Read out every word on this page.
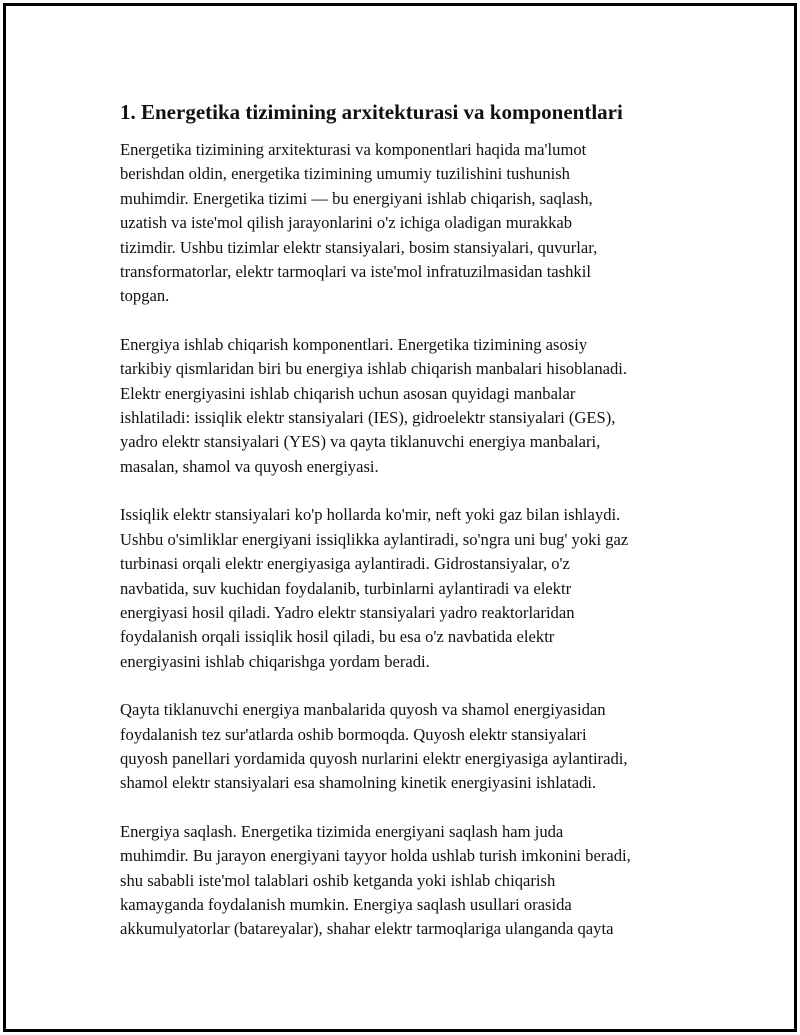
1. Energetika tizimining arxitekturasi va komponentlari

Energetika tizimining arxitekturasi va komponentlari haqida ma'lumot
berishdan oldin, energetika tizimining umumiy tuzilishini tushunish
muhimdir. Energetika tizimi — bu energiyani ishlab chiqarish, saqlash,
uzatish va iste'mol qilish jarayonlarini o'z ichiga oladigan murakkab
tizimdir. Ushbu tizimlar elektr stansiyalari, bosim stansiyalari, quvurlar,
transformatorlar, elektr tarmoqlari va iste'mol infratuzilmasidan tashkil
topgan.

Energiya ishlab chiqarish komponentlari. Energetika tizimining asosiy
tarkibiy qismlaridan biri bu energiya ishlab chiqarish manbalari hisoblanadi.
Elektr energiyasini ishlab chiqarish uchun asosan quyidagi manbalar
ishlatiladi: issiqlik elektr stansiyalari (IES), gidroelektr stansiyalari (GES),
yadro elektr stansiyalari (YES) va qayta tiklanuvchi energiya manbalari,
masalan, shamol va quyosh energiyasi.

Issiqlik elektr stansiyalari ko'p hollarda ko'mir, neft yoki gaz bilan ishlaydi.
Ushbu o'simliklar energiyani issiqlikka aylantiradi, so'ngra uni bug' yoki gaz
turbinasi orqali elektr energiyasiga aylantiradi. Gidrostansiyalar, o'z
navbatida, suv kuchidan foydalanib, turbinlarni aylantiradi va elektr
energiyasi hosil qiladi. Yadro elektr stansiyalari yadro reaktorlaridan
foydalanish orqali issiqlik hosil qiladi, bu esa o'z navbatida elektr
energiyasini ishlab chiqarishga yordam beradi.

Qayta tiklanuvchi energiya manbalarida quyosh va shamol energiyasidan
foydalanish tez sur'atlarda oshib bormoqda. Quyosh elektr stansiyalari
quyosh panellari yordamida quyosh nurlarini elektr energiyasiga aylantiradi,
shamol elektr stansiyalari esa shamolning kinetik energiyasini ishlatadi.

Energiya saqlash. Energetika tizimida energiyani saqlash ham juda
muhimdir. Bu jarayon energiyani tayyor holda ushlab turish imkonini beradi,
shu sababli iste'mol talablari oshib ketganda yoki ishlab chiqarish
kamayganda foydalanish mumkin. Energiya saqlash usullari orasida
akkumulyatorlar (batareyalar), shahar elektr tarmoqlariga ulanganda qayta
